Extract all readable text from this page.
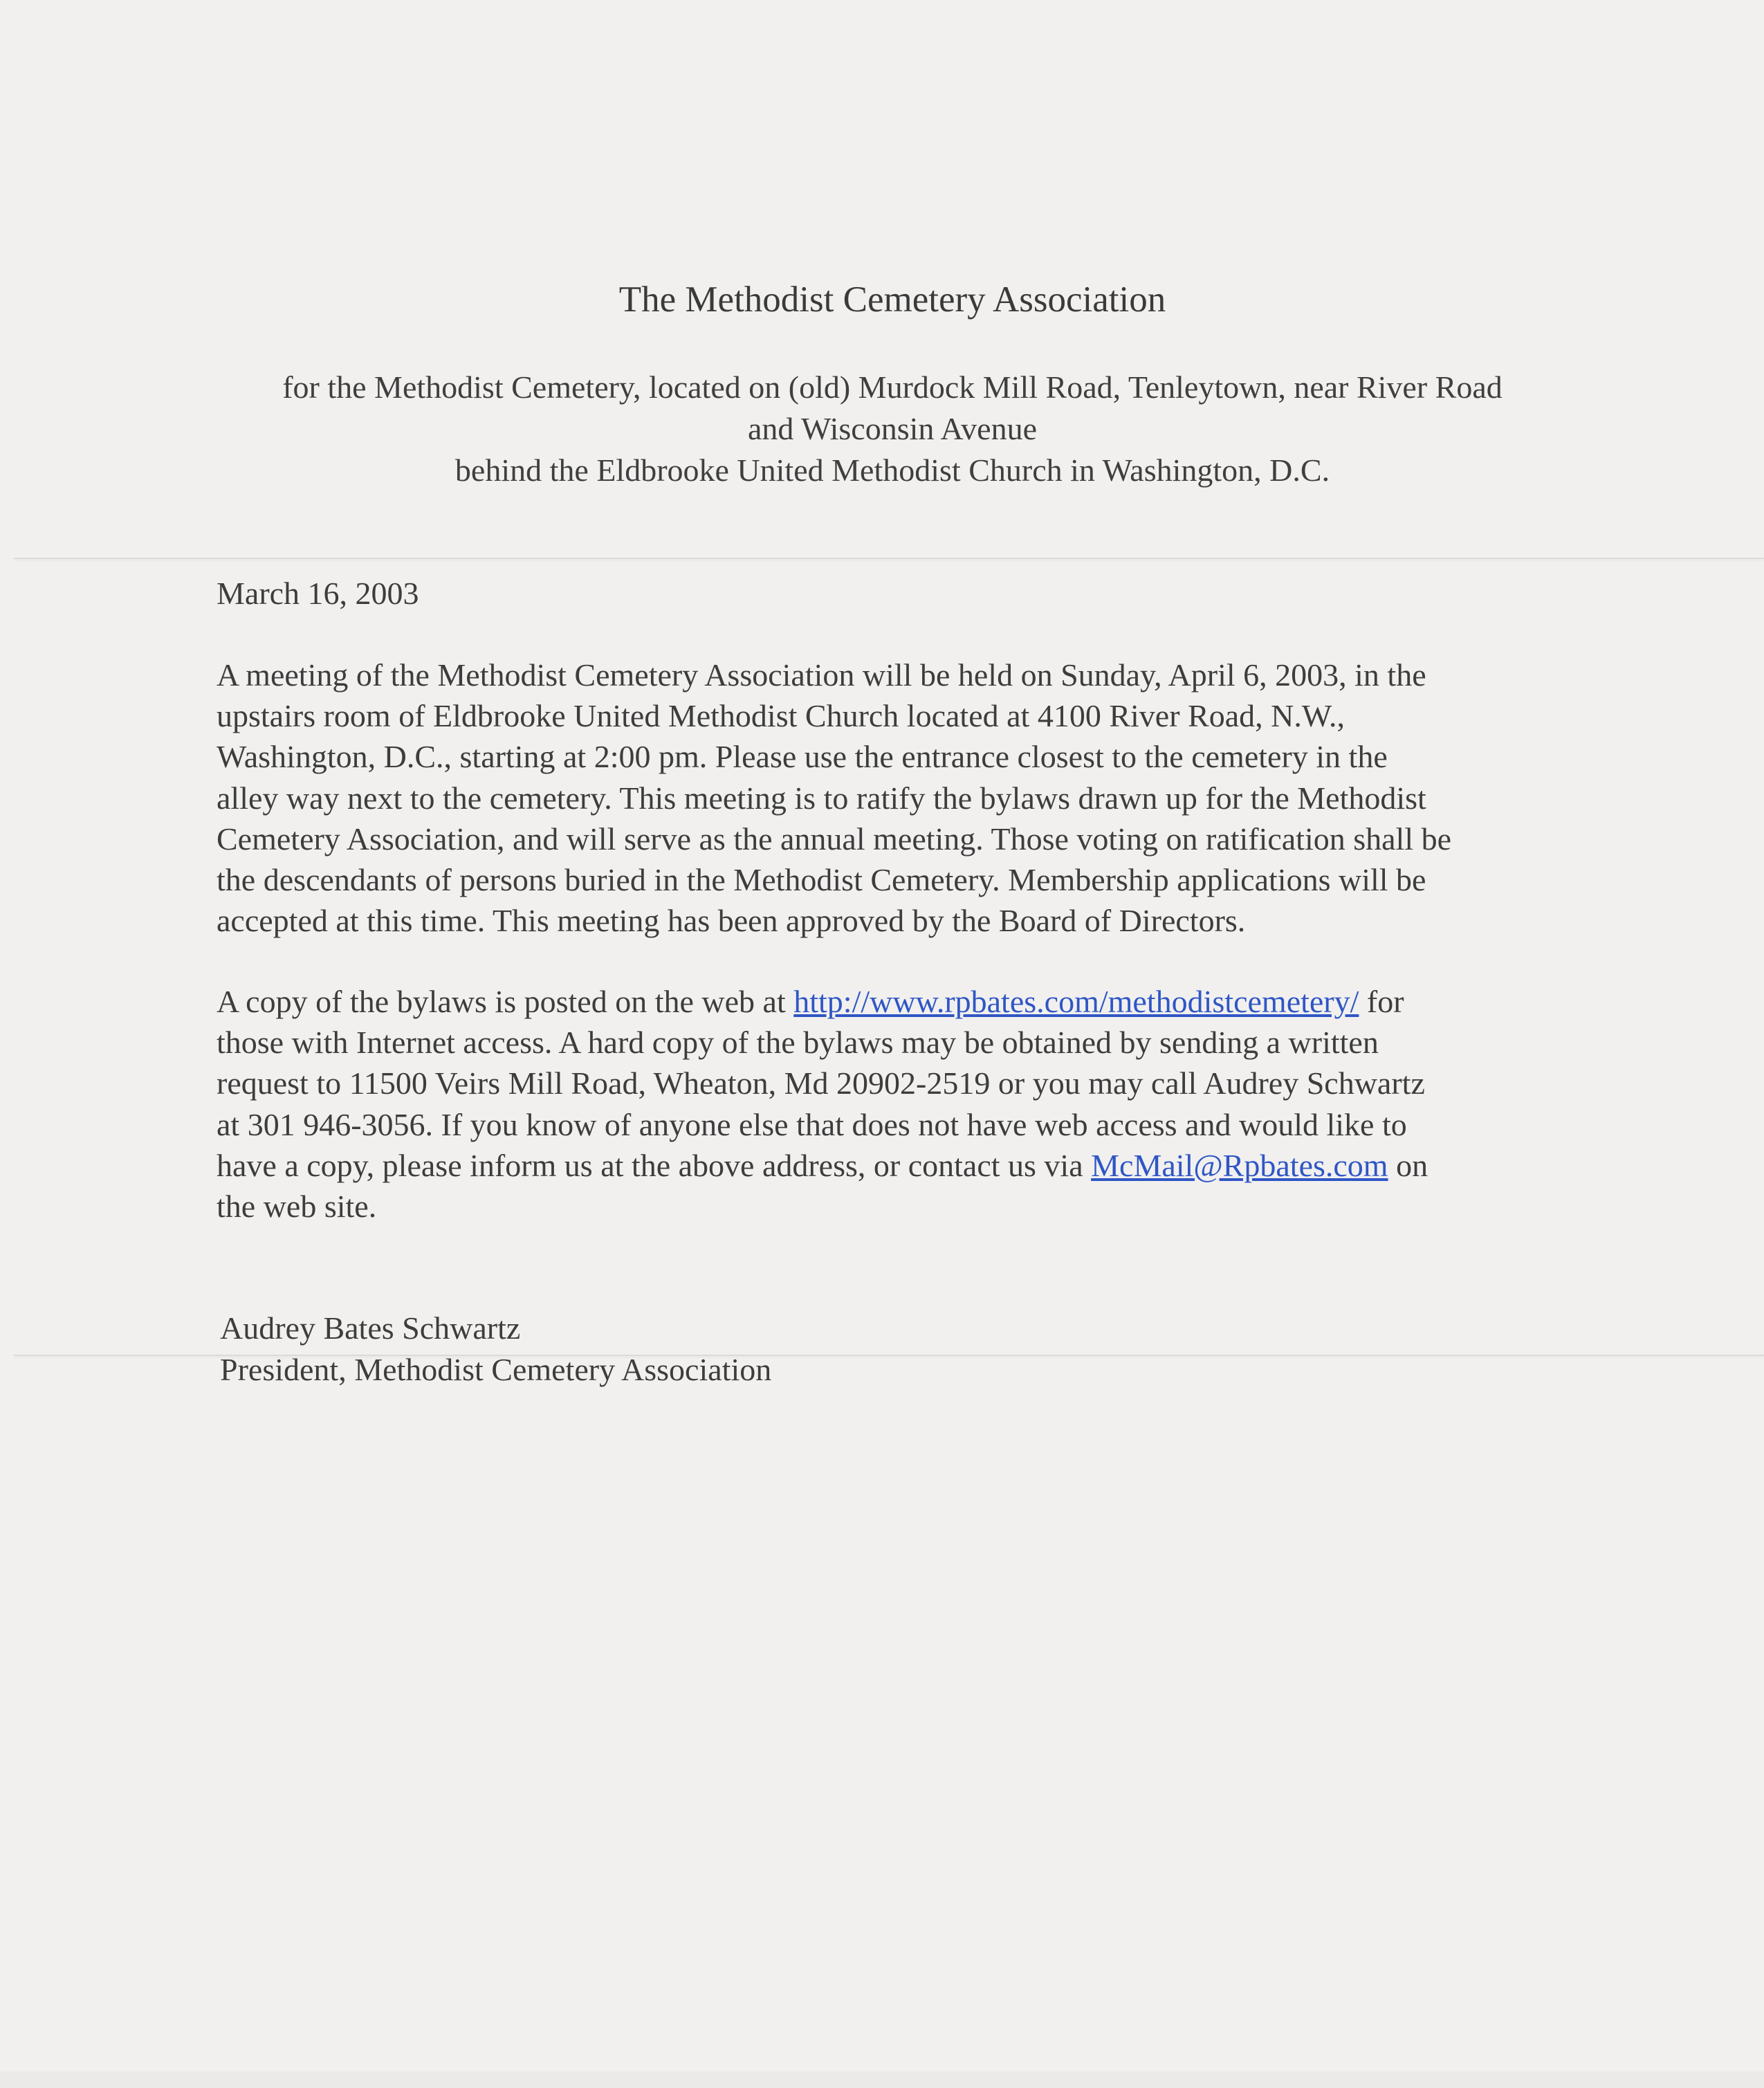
The Methodist Cemetery Association
for the Methodist Cemetery, located on (old) Murdock Mill Road, Tenleytown, near River Road
and Wisconsin Avenue
behind the Eldbrooke United Methodist Church in Washington, D.C.
March 16, 2003
A meeting of the Methodist Cemetery Association will be held on Sunday, April 6, 2003, in the
upstairs room of Eldbrooke United Methodist Church located at 4100 River Road, N.W.,
Washington, D.C., starting at 2:00 pm. Please use the entrance closest to the cemetery in the
alley way next to the cemetery. This meeting is to ratify the bylaws drawn up for the Methodist
Cemetery Association, and will serve as the annual meeting. Those voting on ratification shall be
the descendants of persons buried in the Methodist Cemetery. Membership applications will be
accepted at this time. This meeting has been approved by the Board of Directors.
A copy of the bylaws is posted on the web at http://www.rpbates.com/methodistcemetery/ for
those with Internet access. A hard copy of the bylaws may be obtained by sending a written
request to 11500 Veirs Mill Road, Wheaton, Md 20902-2519 or you may call Audrey Schwartz
at 301 946-3056. If you know of anyone else that does not have web access and would like to
have a copy, please inform us at the above address, or contact us via McMail@Rpbates.com on
the web site.
Audrey Bates Schwartz
President, Methodist Cemetery Association
